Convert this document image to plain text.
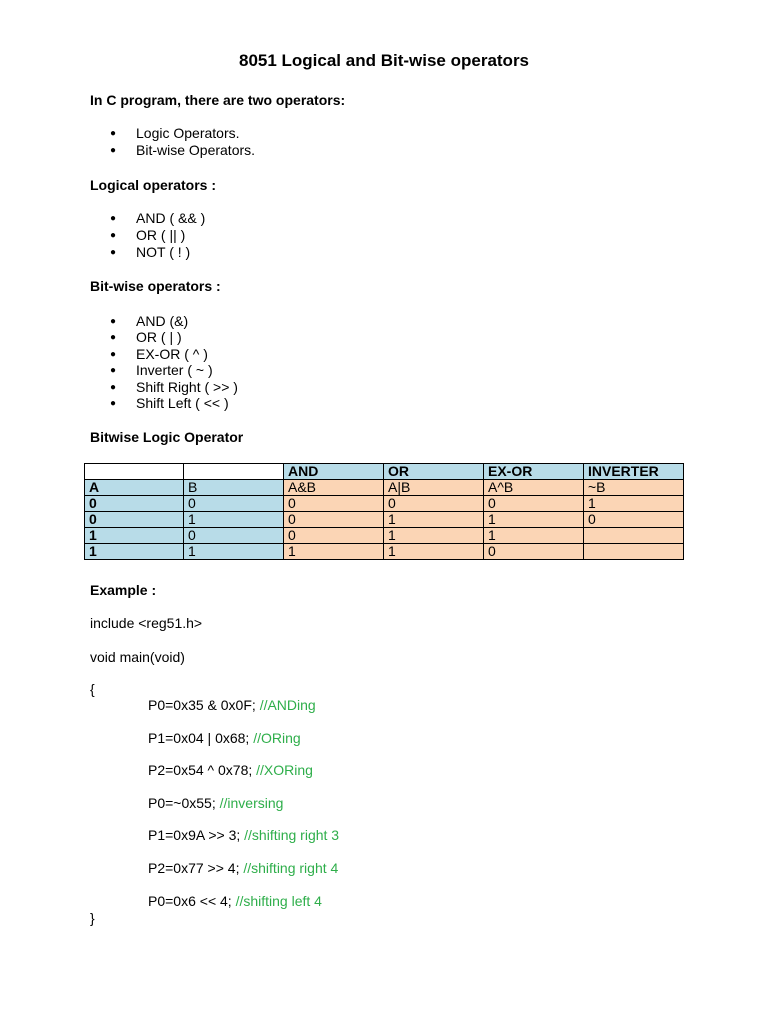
8051 Logical and Bit-wise operators
In C program, there are two operators:
● Logic Operators.
● Bit-wise Operators.
Logical operators :
● AND ( && )
● OR ( || )
● NOT ( ! )
Bit-wise operators :
● AND (&)
● OR ( | )
● EX-OR ( ^ )
● Inverter ( ~ )
● Shift Right ( >> )
● Shift Left ( << )
Bitwise Logic Operator
		AND	OR	EX-OR	INVERTER
A	B	A&B	A|B	A^B	~B
0	0	0	0	0	1
0	1	0	1	1	0
1	0	0	1	1	
1	1	1	1	0	
Example :
include <reg51.h>
void main(void)
{
P0=0x35 & 0x0F; //ANDing
P1=0x04 | 0x68; //ORing
P2=0x54 ^ 0x78; //XORing
P0=~0x55; //inversing
P1=0x9A >> 3; //shifting right 3
P2=0x77 >> 4; //shifting right 4
P0=0x6 << 4; //shifting left 4
}
